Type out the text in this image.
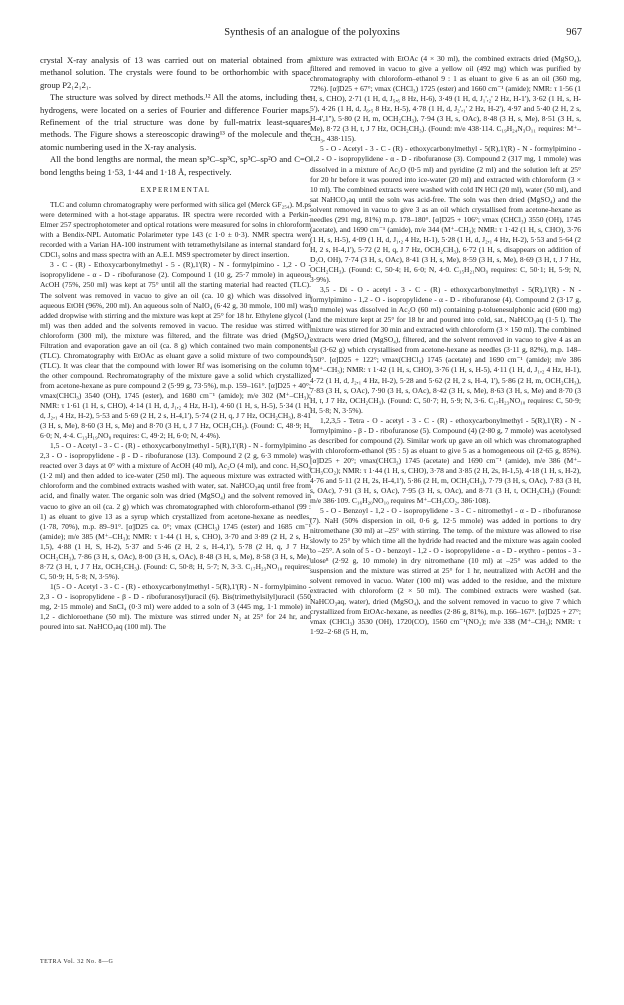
Synthesis of an analogue of the polyoxins	967

crystal X-ray analysis of 13 was carried out on material obtained from a methanol solution. The crystals were found to be orthorhombic with space group P2₁2₁2₁.

The structure was solved by direct methods.¹² All the atoms, including the hydrogens, were located on a series of Fourier and difference Fourier maps. Refinement of the trial structure was done by full-matrix least-squares methods. The Figure shows a stereoscopic drawing¹³ of the molecule and the atomic numbering used in the X-ray analysis.

All the bond lengths are normal, the mean sp³C–sp³C, sp³C–sp²O and C=O bond lengths being 1·53, 1·44 and 1·18 Å, respectively.

EXPERIMENTAL

TLC and column chromatography were performed with silica gel (Merck GF₂₅₄). M.ps were determined with a hot-stage apparatus. IR spectra were recorded with a Perkin-Elmer 257 spectrophotometer and optical rotations were measured for solns in chloroform with a Bendix-NPL Automatic Polarimeter type 143 (c 1·0 ± 0·3). NMR spectra were recorded with a Varian HA-100 instrument with tetramethylsilane as internal standard for CDCl₃ solns and mass spectra with an A.E.I. MS9 spectrometer by direct insertion.

3 - C - (R) - Ethoxycarbonylmethyl - 5 - (R),1'(R) - N - formylpimino - 1,2 - O - isopropylidene - α - D - ribofuranose (2). Compound 1 (10 g, 25·7 mmole) in aqueous AcOH (75%, 250 ml) was kept at 75° until all the starting material had reacted (TLC). The solvent was removed in vacuo to give an oil (ca. 10 g) which was dissolved in aqueous EtOH (96%, 200 ml). An aqueous soln of NaIO₄ (6·42 g, 30 mmole, 100 ml) was added dropwise with stirring and the mixture was kept at 25° for 18 hr. Ethylene glycol (1 ml) was then added and the solvents removed in vacuo. The residue was stirred with chloroform (300 ml), the mixture was filtered, and the filtrate was dried (MgSO₄). Filtration and evaporation gave an oil (ca. 8 g) which contained two main components (TLC). Chromatography with EtOAc as eluant gave a solid mixture of two compounds (TLC). It was clear that the compound with lower Rf was isomerising on the column to the other compound. Rechromatography of the mixture gave a solid which crystallized from acetone-hexane as pure compound 2 (5·99 g, 73·5%), m.p. 159–161°. [α]D25 + 40°; νmax(CHCl₃) 3540 (OH), 1745 (ester), and 1680 cm⁻¹ (amide); m/e 302 (M⁺–CH₃); NMR: τ 1·61 (1 H, s, CHO), 4·14 (1 H, d, J₁,₂ 4 Hz, H-1), 4·60 (1 H, s, H-5), 5·34 (1 H, d, J₂,₁ 4 Hz, H-2), 5·53 and 5·69 (2 H, 2 s, H-4,1'), 5·74 (2 H, q, J 7 Hz, OCH₂CH₃), 8·41 (3 H, s, Me), 8·60 (3 H, s, Me) and 8·70 (3 H, t, J 7 Hz, OCH₂CH₃). (Found: C, 48·9; H, 6·0; N, 4·4. C₁₃H₁₉NO₈ requires: C, 49·2; H, 6·0; N, 4·4%).

1,5 - O - Acetyl - 3 - C - (R) - ethoxycarbonylmethyl - 5(R),1'(R) - N - formylpimino - 2,3 - O - isopropylidene - β - D - ribofuranose (13). Compound 2 (2 g, 6·3 mmole) was reacted over 3 days at 0° with a mixture of AcOH (40 ml), Ac₂O (4 ml), and conc. H₂SO₄ (1·2 ml) and then added to ice-water (250 ml). The aqueous mixture was extracted with chloroform and the combined extracts washed with water, sat. NaHCO₃aq until free from acid, and finally water. The organic soln was dried (MgSO₄) and the solvent removed in vacuo to give an oil (ca. 2 g) which was chromatographed with chloroform-ethanol (99 : 1) as eluant to give 13 as a syrup which crystallized from acetone-hexane as needles, (1·78, 70%), m.p. 89–91°. [α]D25 ca. 0°; νmax (CHCl₃) 1745 (ester) and 1685 cm⁻¹ (amide); m/e 385 (M⁺–CH₃); NMR: τ 1·44 (1 H, s, CHO), 3·70 and 3·89 (2 H, 2 s, H-1,5), 4·88 (1 H, S, H-2), 5·37 and 5·46 (2 H, 2 s, H-4,1'), 5·78 (2 H, q, J 7 Hz, OCH₂CH₃), 7·86 (3 H, s, OAc), 8·00 (3 H, s, OAc), 8·48 (3 H, s, Me), 8·58 (3 H, s, Me), 8·72 (3 H, t, J 7 Hz, OCH₂CH₃). (Found: C, 50·8; H, 5·7; N, 3·3. C₁₇H₂₃NO₁₀ requires: C, 50·9; H, 5·8; N, 3·5%).

1(5 - O - Acetyl - 3 - C - (R) - ethoxycarbonylmethyl - 5(R),1'(R) - N - formylpimino - 2,3 - O - isopropylidene - β - D - ribofuranosyl)uracil (6). Bis(trimethylsilyl)uracil (550 mg, 2·15 mmole) and SnCl₄ (0·3 ml) were added to a soln of 3 (445 mg, 1·1 mmole) in 1,2 - dichloroethane (50 ml). The mixture was stirred under N₂ at 25° for 24 hr, and poured into sat. NaHCO₃aq (100 ml). The

mixture was extracted with EtOAc (4 × 30 ml), the combined extracts dried (MgSO₄), filtered and removed in vacuo to give a yellow oil (492 mg) which was purified by chromatography with chloroform–ethanol 9 : 1 as eluant to give 6 as an oil (360 mg, 72%). [α]D25 + 67°; νmax (CHCl₃) 1725 (ester) and 1660 cm⁻¹ (amide); NMR: τ 1·56 (1 H, s, CHO), 2·71 (1 H, d, J₅,₆ 8 Hz, H-6), 3·49 (1 H, d, J₁',₂' 2 Hz, H-1'), 3·62 (1 H, s, H-5'), 4·26 (1 H, d, J₆,₅ 8 Hz, H-5), 4·78 (1 H, d, J₂',₁' 2 Hz, H-2'), 4·97 and 5·40 (2 H, 2 s, H-4',1''), 5·80 (2 H, m, OCH₂CH₃), 7·94 (3 H, s, OAc), 8·48 (3 H, s, Me), 8·51 (3 H, s, Me), 8·72 (3 H, t, J 7 Hz, OCH₂CH₃). (Found: m/e 438·114. C₁₉H₂₄N₃O₁₁ requires: M⁺–CH₃, 438·115).

5 - O - Acetyl - 3 - C - (R) - ethoxycarbonylmethyl - 5(R),1'(R) - N - formylpimino - 1,2 - O - isopropylidene - α - D - ribofuranose (3). Compound 2 (317 mg, 1 mmole) was dissolved in a mixture of Ac₂O (0·5 ml) and pyridine (2 ml) and the solution left at 25° for 20 hr before it was poured into ice-water (20 ml) and extracted with chloroform (3 × 10 ml). The combined extracts were washed with cold IN HCl (20 ml), water (50 ml), and sat NaHCO₃aq until the soln was acid-free. The soln was then dried (MgSO₄) and the solvent removed in vacuo to give 3 as an oil which crystallised from acetone-hexane as needles (291 mg, 81%) m.p. 178–180°. [α]D25 + 106°; νmax (CHCl₃) 3550 (OH), 1745 (acetate), and 1690 cm⁻¹ (amide), m/e 344 (M⁺–CH₃); NMR: τ 1·42 (1 H, s, CHO), 3·76 (1 H, s, H-5), 4·09 (1 H, d, J₁,₂ 4 Hz, H-1), 5·28 (1 H, d, J₂,₁ 4 Hz, H-2), 5·53 and 5·64 (2 H, 2 s, H-4,1'), 5·72 (2 H, q, J 7 Hz, OCH₂CH₃), 6·72 (1 H, s, disappears on addition of D₂O, OH), 7·74 (3 H, s, OAc), 8·41 (3 H, s, Me), 8·59 (3 H, s, Me), 8·69 (3 H, t, J 7 Hz, OCH₂CH₃). (Found: C, 50·4; H, 6·0; N, 4·0. C₁₅H₂₁NO₉ requires: C, 50·1; H, 5·9; N, 3·9%).

3,5 - Di - O - acetyl - 3 - C - (R) - ethoxycarbonylmethyl - 5(R),1'(R) - N - formylpimino - 1,2 - O - isopropylidene - α - D - ribofuranose (4). Compound 2 (3·17 g, 10 mmole) was dissolved in Ac₂O (60 ml) containing p-toluenesulphonic acid (600 mg) and the mixture kept at 25° for 18 hr and poured into cold, sat., NaHCO₃aq (1·5 l). The mixture was stirred for 30 min and extracted with chloroform (3 × 150 ml). The combined extracts were dried (MgSO₄), filtered, and the solvent removed in vacuo to give 4 as an oil (3·62 g) which crystallised from acetone-hexane as needles (3·11 g, 82%), m.p. 148–150°. [α]D25 + 122°; νmax(CHCl₃) 1745 (acetate) and 1690 cm⁻¹ (amide); m/e 386 (M⁺–CH₃); NMR: τ 1·42 (1 H, s, CHO), 3·76 (1 H, s, H-5), 4·11 (1 H, d, J₁,₂ 4 Hz, H-1), 4·72 (1 H, d, J₂,₁ 4 Hz, H-2), 5·28 and 5·62 (2 H, 2 s, H-4, 1'), 5·86 (2 H, m, OCH₂CH₃), 7·83 (3 H, s, OAc), 7·90 (3 H, s, OAc), 8·42 (3 H, s, Me), 8·63 (3 H, s, Me) and 8·70 (3 H, t, J 7 Hz, OCH₂CH₃). (Found: C, 50·7; H, 5·9; N, 3·6. C₁₇H₂₃NO₁₀ requires: C, 50·9; H, 5·8; N, 3·5%).

1,2,3,5 - Tetra - O - acetyl - 3 - C - (R) - ethoxycarbonylmethyl - 5(R),1'(R) - N - formylpimino - β - D - ribofuranose (5). Compound (4) (2·80 g, 7 mmole) was acetolysed as described for compound (2). Similar work up gave an oil which was chromatographed with chloroform-ethanol (95 : 5) as eluant to give 5 as a homogeneous oil (2·65 g, 85%). [α]D25 + 20°; νmax(CHCl₃) 1745 (acetate) and 1690 cm⁻¹ (amide), m/e 386 (M⁺–CH₃CO₂); NMR: τ 1·44 (1 H, s, CHO), 3·78 and 3·85 (2 H, 2s, H-1,5), 4·18 (1 H, s, H-2), 4·76 and 5·11 (2 H, 2s, H-4,1'), 5·86 (2 H, m, OCH₂CH₃), 7·79 (3 H, s, OAc), 7·83 (3 H, s, OAc), 7·91 (3 H, s, OAc), 7·95 (3 H, s, OAc), and 8·71 (3 H, t, OCH₂CH₃) (Found: m/e 386·109. C₁₆H₂₀NO₁₀ requires M⁺–CH₃CO₂, 386·108).

5 - O - Benzoyl - 1,2 - O - isopropylidene - 3 - C - nitromethyl - α - D - ribofuranose (7). NaH (50% dispersion in oil, 0·6 g, 12·5 mmole) was added in portions to dry nitromethane (30 ml) at –25° with stirring. The temp. of the mixture was allowed to rise slowly to 25° by which time all the hydride had reacted and the mixture was again cooled to –25°. A soln of 5 - O - benzoyl - 1,2 - O - isopropylidene - α - D - erythro - pentos - 3 - ulose⁸ (2·92 g, 10 mmole) in dry nitromethane (10 ml) at –25° was added to the suspension and the mixture was stirred at 25° for 1 hr, neutralized with AcOH and the solvent removed in vacuo. Water (100 ml) was added to the residue, and the mixture extracted with chloroform (2 × 50 ml). The combined extracts were washed (sat. NaHCO₃aq, water), dried (MgSO₄), and the solvent removed in vacuo to give 7 which crystallized from EtOAc-hexane, as needles (2·86 g, 81%), m.p. 166–167°. [α]D25 + 27°; νmax (CHCl₃) 3530 (OH), 1720(CO), 1560 cm⁻¹(NO₂); m/e 338 (M⁺–CH₃); NMR: τ 1·92–2·68 (5 H, m,

TETRA Vol. 32 No. 8—G
